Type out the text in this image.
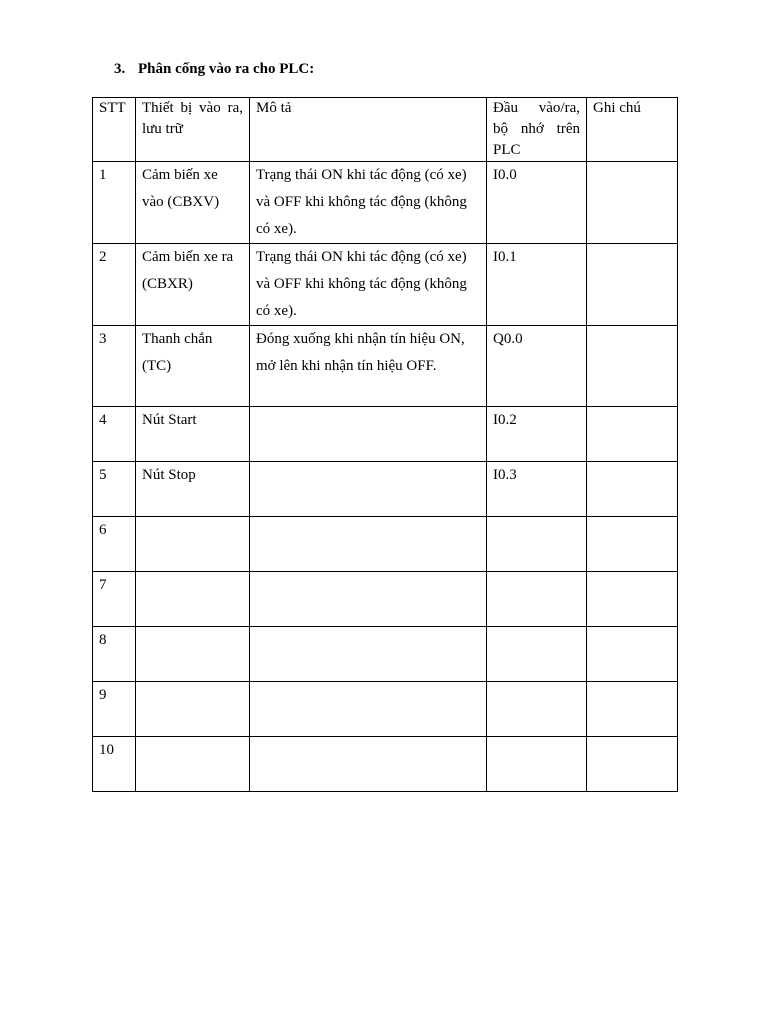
3. Phân cống vào ra cho PLC:
STT	Thiết bị vào ra, lưu trữ	Mô tả	Đầu vào/ra, bộ nhớ trên PLC	Ghi chú
1	Cảm biến xe vào (CBXV)	Trạng thái ON khi tác động (có xe) và OFF khi không tác động (không có xe).	I0.0	
2	Cảm biến xe ra (CBXR)	Trạng thái ON khi tác động (có xe) và OFF khi không tác động (không có xe).	I0.1	
3	Thanh chắn (TC)	Đóng xuống khi nhận tín hiệu ON, mở lên khi nhận tín hiệu OFF.	Q0.0	
4	Nút Start		I0.2	
5	Nút Stop		I0.3	
6				
7				
8				
9				
10				
